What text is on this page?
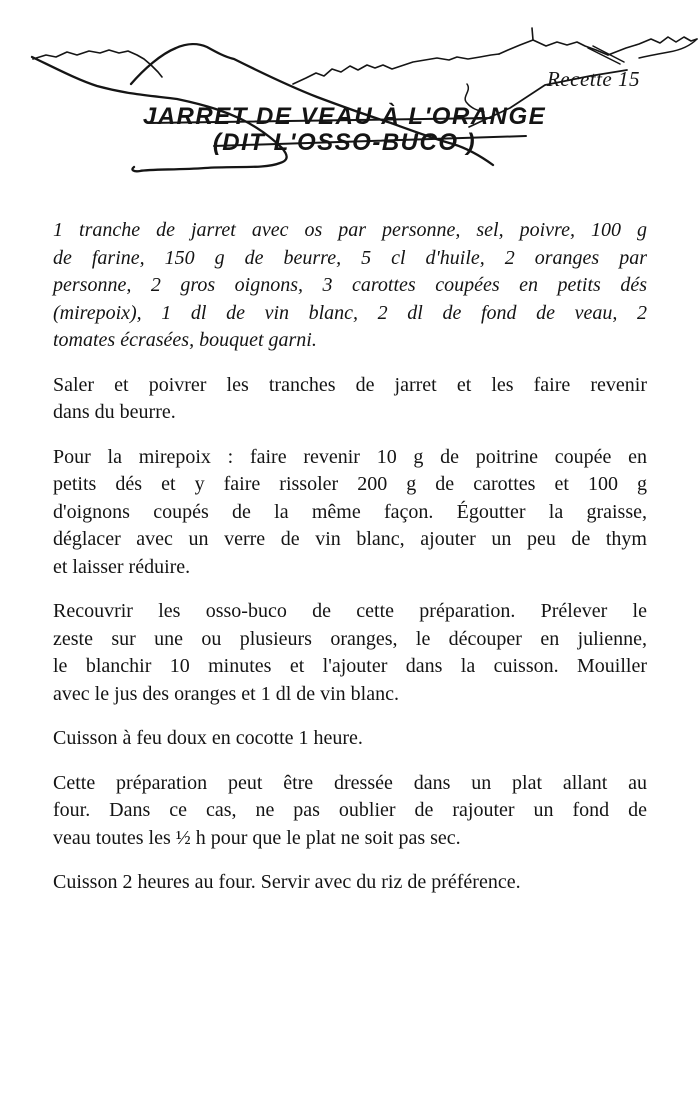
Recette 15
JARRET DE VEAU À L'ORANGE
(DIT L'OSSO-BUCO )
1 tranche de jarret avec os par personne, sel, poivre, 100 g
de farine, 150 g de beurre, 5 cl d'huile, 2 oranges par
personne, 2 gros oignons, 3 carottes coupées en petits dés
(mirepoix), 1 dl de vin blanc, 2 dl de fond de veau, 2
tomates écrasées, bouquet garni.
Saler et poivrer les tranches de jarret et les faire revenir
dans du beurre.
Pour la mirepoix : faire revenir 10 g de poitrine coupée en
petits dés et y faire rissoler 200 g de carottes et 100 g
d'oignons coupés de la même façon. Égoutter la graisse,
déglacer avec un verre de vin blanc, ajouter un peu de thym
et laisser réduire.
Recouvrir les osso-buco de cette préparation. Prélever le
zeste sur une ou plusieurs oranges, le découper en julienne,
le blanchir 10 minutes et l'ajouter dans la cuisson. Mouiller
avec le jus des oranges et 1 dl de vin blanc.
Cuisson à feu doux en cocotte 1 heure.
Cette préparation peut être dressée dans un plat allant au
four. Dans ce cas, ne pas oublier de rajouter un fond de
veau toutes les ½ h pour que le plat ne soit pas sec.
Cuisson 2 heures au four. Servir avec du riz de préférence.
